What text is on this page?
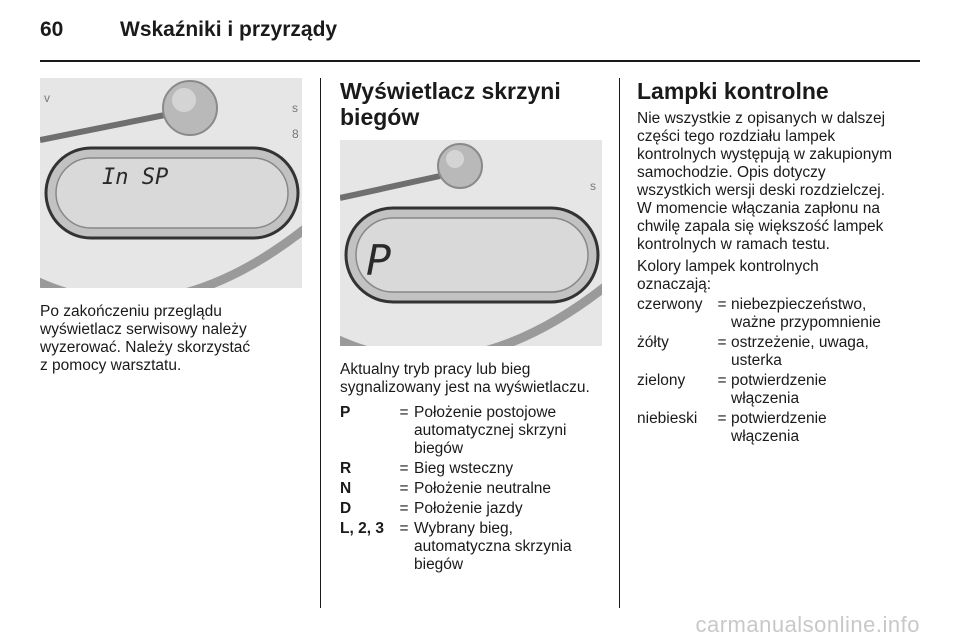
60	Wskaźniki i przyrządy
v
s
8
In SP

Po zakończeniu przeglądu

wyświetlacz serwisowy należy

wyzerować. Należy skorzystać

z pomocy warsztatu.

Wyświetlacz skrzyni

biegów

s
P

Aktualny tryb pracy lub bieg

sygnalizowany jest na wyświetlaczu.

P	= Położenie postojowe
automatycznej skrzyni
biegów
R	= Bieg wsteczny
N	= Położenie neutralne
D	= Położenie jazdy
L, 2, 3	= Wybrany bieg,
automatyczna skrzynia
biegów
Lampki kontrolne

Nie wszystkie z opisanych w dalszej

części tego rozdziału lampek

kontrolnych występują w zakupionym

samochodzie. Opis dotyczy

wszystkich wersji deski rozdzielczej.

W momencie włączania zapłonu na

chwilę zapala się większość lampek

kontrolnych w ramach testu.

Kolory lampek kontrolnych

oznaczają:

czerwony = niebezpieczeństwo,
ważne przypomnienie
żółty	= ostrzeżenie, uwaga,
usterka
zielony	= potwierdzenie
włączenia
niebieski	= potwierdzenie
włączenia
carmanualsonline.info
